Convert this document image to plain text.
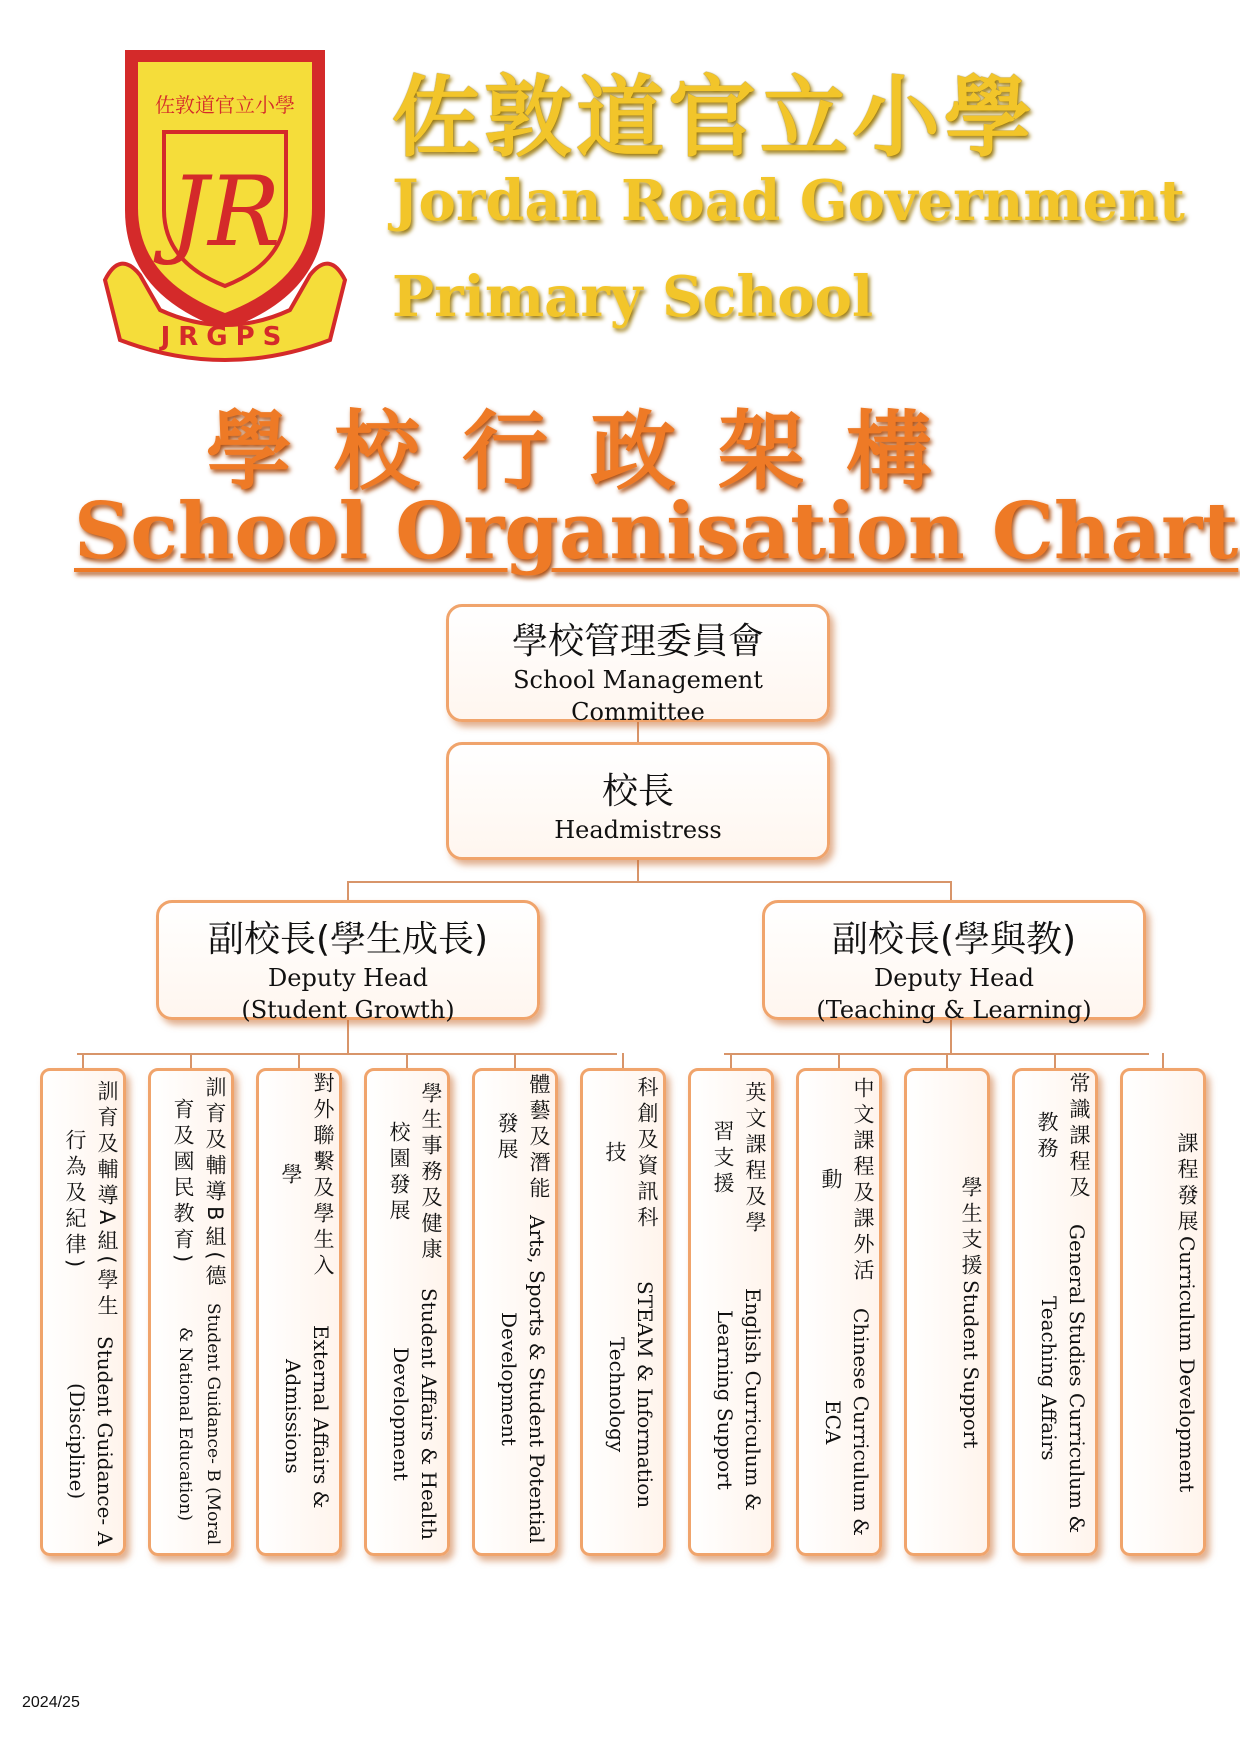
佐敦道官立小學
JR
JRGPS
佐敦道官立小學
Jordan Road Government
Primary School
學校行政架構
School Organisation Chart
學校管理委員會
School Management Committee
校長
Headmistress
副校長(學生成長)
Deputy Head
(Student Growth)
副校長(學與教)
Deputy Head
(Teaching & Learning)
訓育及輔導A組(學生行為及紀律)
Student Guidance- A (Discipline)
訓育及輔導B組(德育及國民教育)
Student Guidance- B (Moral & National Education)
對外聯繫及學生入學
External Affairs & Admissions
學生事務及健康校園發展
Student Affairs & Health Development
體藝及潛能發展
Arts, Sports & Student Potential Development
科創及資訊科技
STEAM & Information Technology
英文課程及學習支援
English Curriculum & Learning Support
中文課程及課外活動
Chinese Curriculum & ECA
學生支援
Student Support
常識課程及教務
General Studies Curriculum & Teaching Affairs
課程發展
Curriculum Development
2024/25
